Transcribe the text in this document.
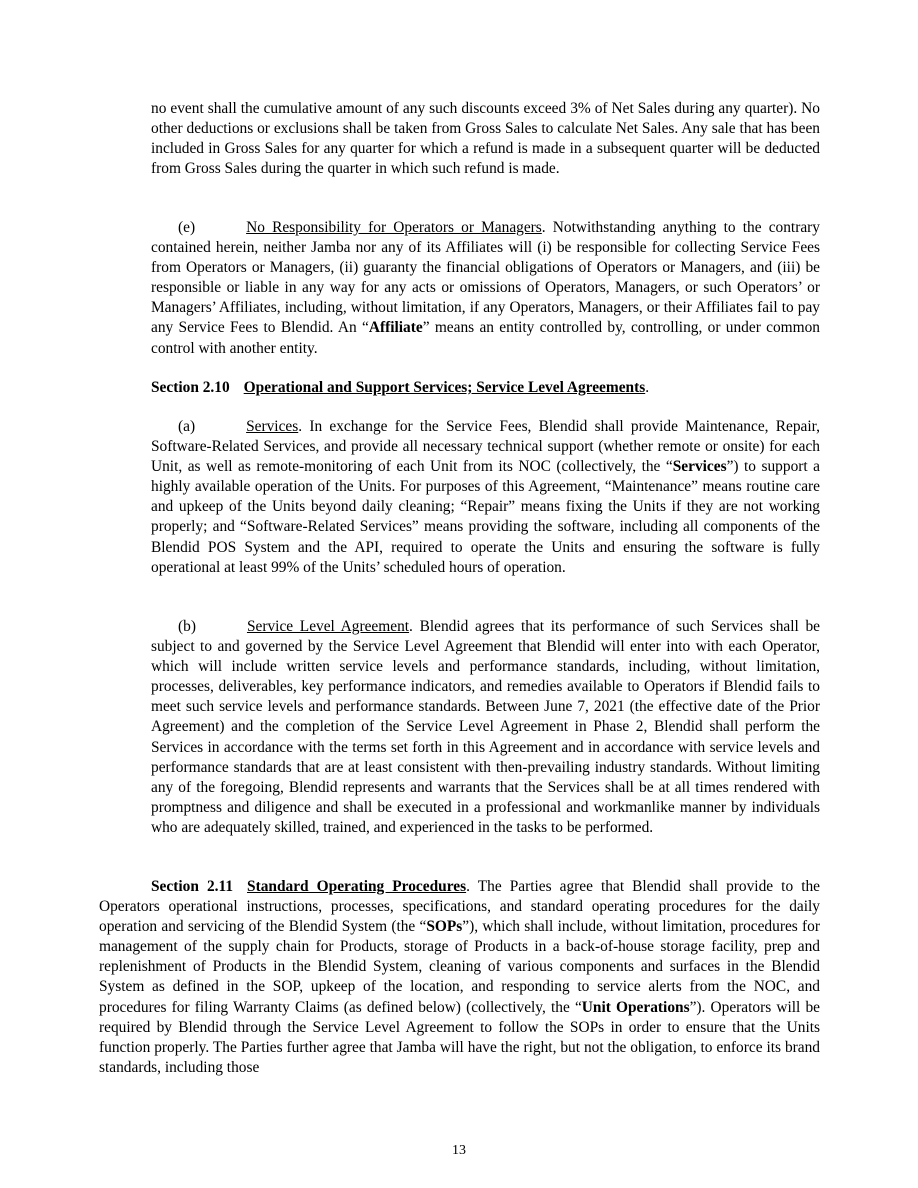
no event shall the cumulative amount of any such discounts exceed 3% of Net Sales during any quarter). No other deductions or exclusions shall be taken from Gross Sales to calculate Net Sales. Any sale that has been included in Gross Sales for any quarter for which a refund is made in a subsequent quarter will be deducted from Gross Sales during the quarter in which such refund is made.

(e)	No Responsibility for Operators or Managers. Notwithstanding anything to the contrary contained herein, neither Jamba nor any of its Affiliates will (i) be responsible for collecting Service Fees from Operators or Managers, (ii) guaranty the financial obligations of Operators or Managers, and (iii) be responsible or liable in any way for any acts or omissions of Operators, Managers, or such Operators’ or Managers’ Affiliates, including, without limitation, if any Operators, Managers, or their Affiliates fail to pay any Service Fees to Blendid. An “Affiliate” means an entity controlled by, controlling, or under common control with another entity.

Section 2.10 Operational and Support Services; Service Level Agreements.

(a)	Services. In exchange for the Service Fees, Blendid shall provide Maintenance, Repair, Software-Related Services, and provide all necessary technical support (whether remote or onsite) for each Unit, as well as remote-monitoring of each Unit from its NOC (collectively, the “Services”) to support a highly available operation of the Units. For purposes of this Agreement, “Maintenance” means routine care and upkeep of the Units beyond daily cleaning; “Repair” means fixing the Units if they are not working properly; and “Software-Related Services” means providing the software, including all components of the Blendid POS System and the API, required to operate the Units and ensuring the software is fully operational at least 99% of the Units’ scheduled hours of operation.

(b)	Service Level Agreement. Blendid agrees that its performance of such Services shall be subject to and governed by the Service Level Agreement that Blendid will enter into with each Operator, which will include written service levels and performance standards, including, without limitation, processes, deliverables, key performance indicators, and remedies available to Operators if Blendid fails to meet such service levels and performance standards. Between June 7, 2021 (the effective date of the Prior Agreement) and the completion of the Service Level Agreement in Phase 2, Blendid shall perform the Services in accordance with the terms set forth in this Agreement and in accordance with service levels and performance standards that are at least consistent with then-prevailing industry standards. Without limiting any of the foregoing, Blendid represents and warrants that the Services shall be at all times rendered with promptness and diligence and shall be executed in a professional and workmanlike manner by individuals who are adequately skilled, trained, and experienced in the tasks to be performed.

Section 2.11 Standard Operating Procedures. The Parties agree that Blendid shall provide to the Operators operational instructions, processes, specifications, and standard operating procedures for the daily operation and servicing of the Blendid System (the “SOPs”), which shall include, without limitation, procedures for management of the supply chain for Products, storage of Products in a back-of-house storage facility, prep and replenishment of Products in the Blendid System, cleaning of various components and surfaces in the Blendid System as defined in the SOP, upkeep of the location, and responding to service alerts from the NOC, and procedures for filing Warranty Claims (as defined below) (collectively, the “Unit Operations”). Operators will be required by Blendid through the Service Level Agreement to follow the SOPs in order to ensure that the Units function properly. The Parties further agree that Jamba will have the right, but not the obligation, to enforce its brand standards, including those

13
